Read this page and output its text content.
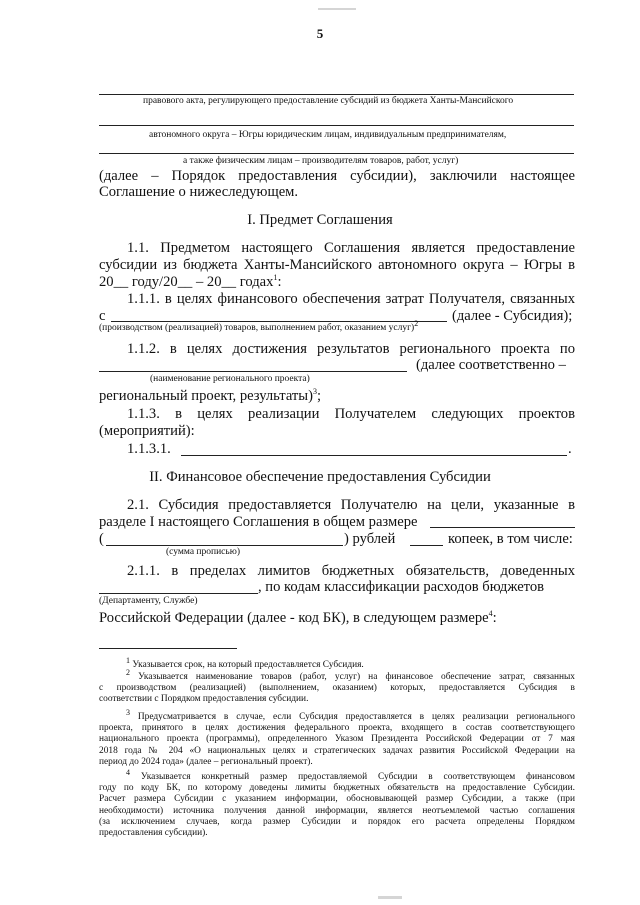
5
правового акта, регулирующего предоставление субсидий из бюджета Ханты-Мансийского
автономного округа – Югры юридическим лицам, индивидуальным предпринимателям,
а также физическим лицам – производителям товаров, работ, услуг)
(далее – Порядок предоставления субсидии), заключили настоящее
Соглашение о нижеследующем.
I. Предмет Соглашения
1.1. Предметом настоящего Соглашения является предоставление
субсидии из бюджета Ханты-Мансийского автономного округа – Югры в
20__ году/20__ – 20__ годах$^1$:
1.1.1. в целях финансового обеспечения затрат Получателя, связанных
с	(далее - Субсидия);
(производством (реализацией) товаров, выполнением работ, оказанием услуг)$^2$
1.1.2. в целях достижения результатов регионального проекта по
(далее соответственно –
(наименование регионального проекта)
региональный проект, результаты)$^3$;
1.1.3. в целях реализации Получателем следующих проектов
(мероприятий):
1.1.3.1.	.
II. Финансовое обеспечение предоставления Субсидии
2.1. Субсидия предоставляется Получателю на цели, указанные в
разделе I настоящего Соглашения в общем размере
(	) рублей	копеек, в том числе:
(сумма прописью)
2.1.1. в пределах лимитов бюджетных обязательств, доведенных
, по кодам классификации расходов бюджетов
(Департаменту, Службе)
Российской Федерации (далее - код БК), в следующем размере$^4$:
$^1$ Указывается срок, на который предоставляется Субсидия.
$^2$ Указывается наименование товаров (работ, услуг) на финансовое обеспечение затрат, связанных
с производством (реализацией) (выполнением, оказанием) которых, предоставляется Субсидия в
соответствии с Порядком предоставления субсидии.
$^3$ Предусматривается в случае, если Субсидия предоставляется в целях реализации регионального
проекта, принятого в целях достижения федерального проекта, входящего в состав соответствующего
национального проекта (программы), определенного Указом Президента Российской Федерации от 7 мая
2018 года № 204 «О национальных целях и стратегических задачах развития Российской Федерации на
период до 2024 года» (далее – региональный проект).
$^4$ Указывается конкретный размер предоставляемой Субсидии в соответствующем финансовом
году по коду БК, по которому доведены лимиты бюджетных обязательств на предоставление Субсидии.
Расчет размера Субсидии с указанием информации, обосновывающей размер Субсидии, а также (при
необходимости) источника получения данной информации, является неотъемлемой частью соглашения
(за исключением случаев, когда размер Субсидии и порядок его расчета определены Порядком
предоставления субсидии).
